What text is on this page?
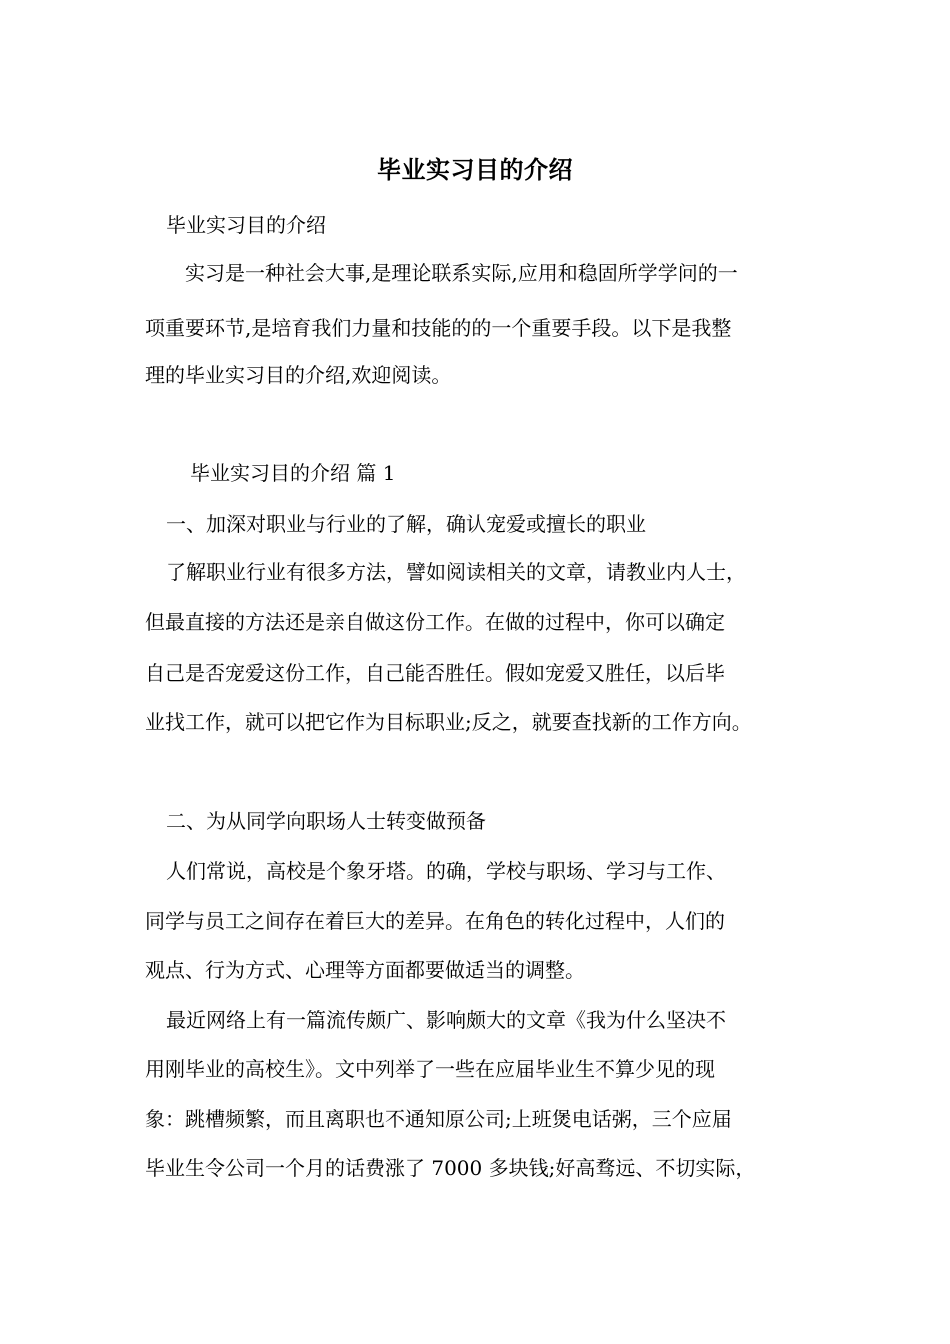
毕业实习目的介绍
毕业实习目的介绍
实习是一种社会大事,是理论联系实际,应用和稳固所学学问的一
项重要环节,是培育我们力量和技能的的一个重要手段。以下是我整
理的毕业实习目的介绍,欢迎阅读。
毕业实习目的介绍 篇 1
一、加深对职业与行业的了解，确认宠爱或擅长的职业
了解职业行业有很多方法，譬如阅读相关的文章，请教业内人士，
但最直接的方法还是亲自做这份工作。在做的过程中，你可以确定
自己是否宠爱这份工作，自己能否胜任。假如宠爱又胜任，以后毕
业找工作，就可以把它作为目标职业;反之，就要查找新的工作方向。
二、为从同学向职场人士转变做预备
人们常说，高校是个象牙塔。的确，学校与职场、学习与工作、
同学与员工之间存在着巨大的差异。在角色的转化过程中，人们的
观点、行为方式、心理等方面都要做适当的调整。
最近网络上有一篇流传颇广、影响颇大的文章《我为什么坚决不
用刚毕业的高校生》。文中列举了一些在应届毕业生不算少见的现
象：跳槽频繁，而且离职也不通知原公司;上班煲电话粥，三个应届
毕业生令公司一个月的话费涨了 7000 多块钱;好高骛远、不切实际，
